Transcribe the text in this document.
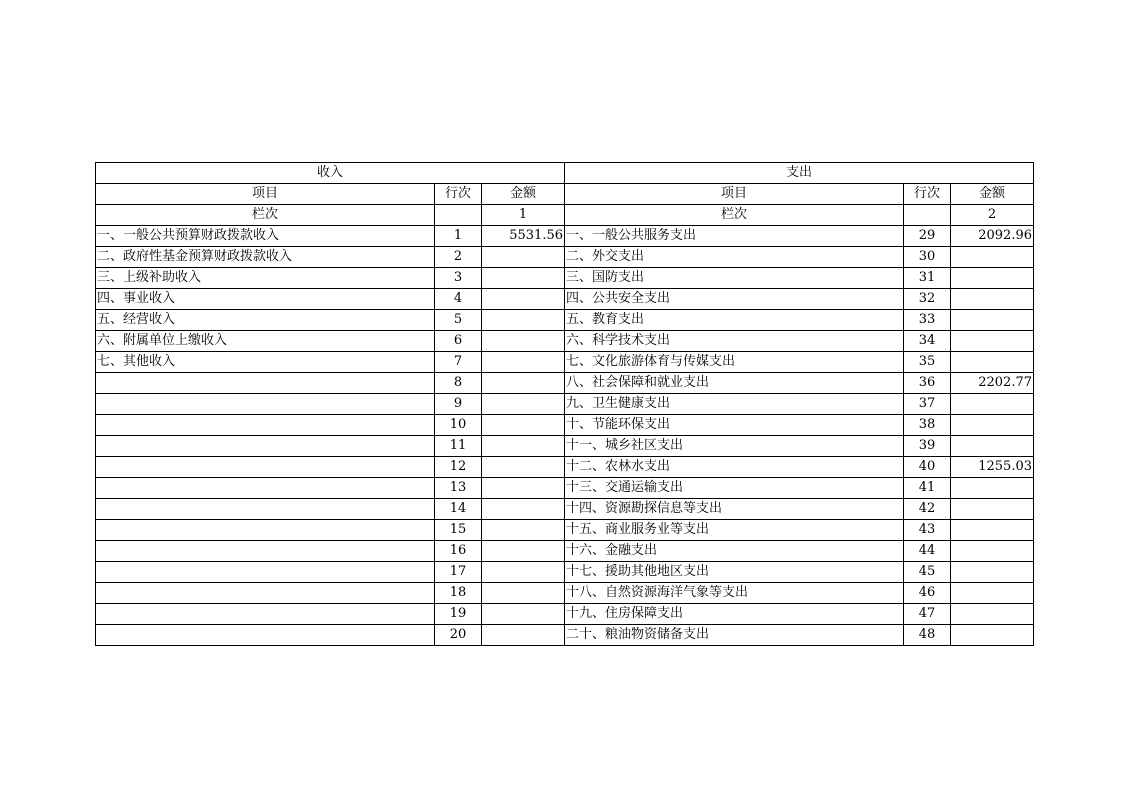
收入			支出		
项目	行次	金额	项目	行次	金额
栏次		1	栏次		2
一、一般公共预算财政拨款收入	1	5531.56	一、一般公共服务支出	29	2092.96
二、政府性基金预算财政拨款收入	2		二、外交支出	30	
三、上级补助收入	3		三、国防支出	31	
四、事业收入	4		四、公共安全支出	32	
五、经营收入	5		五、教育支出	33	
六、附属单位上缴收入	6		六、科学技术支出	34	
七、其他收入	7		七、文化旅游体育与传媒支出	35	
	8		八、社会保障和就业支出	36	2202.77
	9		九、卫生健康支出	37	
	10		十、节能环保支出	38	
	11		十一、城乡社区支出	39	
	12		十二、农林水支出	40	1255.03
	13		十三、交通运输支出	41	
	14		十四、资源勘探信息等支出	42	
	15		十五、商业服务业等支出	43	
	16		十六、金融支出	44	
	17		十七、援助其他地区支出	45	
	18		十八、自然资源海洋气象等支出	46	
	19		十九、住房保障支出	47	
	20		二十、粮油物资储备支出	48	
